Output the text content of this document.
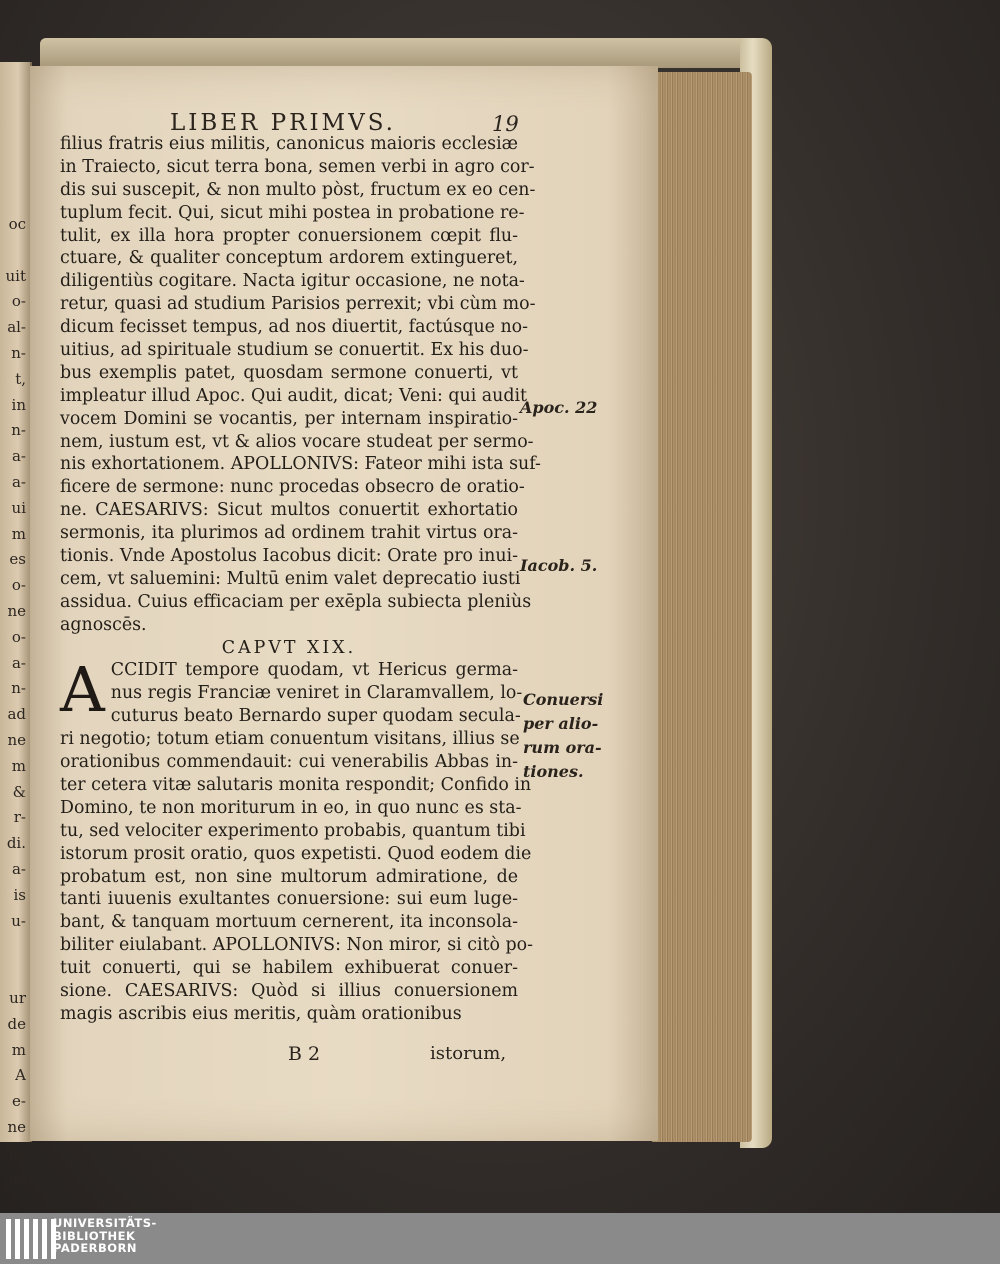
oc

uit
o-
al-
n-
t,
in
n-
a-
a-
ui
m
es
o-
ne
o-
a-
n-
ad
ne
m
&
r-
di.
a-
is
u-

ur
de
m
A
e-
ne
is;
us
LIBER PRIMVS.	19
filius fratris eius militis, canonicus maioris ecclesiæ
in Traiecto, sicut terra bona, semen verbi in agro cor-
dis sui suscepit, & non multo pòst, fructum ex eo cen-
tuplum fecit. Qui, sicut mihi postea in probatione re-
tulit, ex illa hora propter conuersionem cœpit flu-
ctuare, & qualiter conceptum ardorem extingueret,
diligentiùs cogitare. Nacta igitur occasione, ne nota-
retur, quasi ad studium Parisios perrexit; vbi cùm mo-
dicum fecisset tempus, ad nos diuertit, factúsque no-
uitius, ad spirituale studium se conuertit. Ex his duo-
bus exemplis patet, quosdam sermone conuerti, vt
impleatur illud Apoc. Qui audit, dicat; Veni: qui audit
vocem Domini se vocantis, per internam inspiratio-
nem, iustum est, vt & alios vocare studeat per sermo-
nis exhortationem. APOLLONIVS: Fateor mihi ista suf-
ficere de sermone: nunc procedas obsecro de oratio-
ne. CAESARIVS: Sicut multos conuertit exhortatio
sermonis, ita plurimos ad ordinem trahit virtus ora-
tionis. Vnde Apostolus Iacobus dicit: Orate pro inui-
cem, vt saluemini: Multū enim valet deprecatio iusti
assidua. Cuius efficaciam per exēpla subiecta pleniùs
agnoscēs.
CAPVT XIX.
A CCIDIT tempore quodam, vt Hericus germa-
nus regis Franciæ veniret in Claramvallem, lo-
cuturus beato Bernardo super quodam secula-
ri negotio; totum etiam conuentum visitans, illius se
orationibus commendauit: cui venerabilis Abbas in-
ter cetera vitæ salutaris monita respondit; Confido in
Domino, te non moriturum in eo, in quo nunc es sta-
tu, sed velociter experimento probabis, quantum tibi
istorum prosit oratio, quos expetisti. Quod eodem die
probatum est, non sine multorum admiratione, de
tanti iuuenis exultantes conuersione: sui eum luge-
bant, & tanquam mortuum cernerent, ita inconsola-
biliter eiulabant. APOLLONIVS: Non miror, si citò po-
tuit conuerti, qui se habilem exhibuerat conuer-
sione. CAESARIVS: Quòd si illius conuersionem
magis ascribis eius meritis, quàm orationibus
Apoc. 22
Iacob. 5.
Conuersi
per alio-
rum ora-
tiones.
B 2	istorum,
UNIVERSITÄTS-
BIBLIOTHEK
PADERBORN
